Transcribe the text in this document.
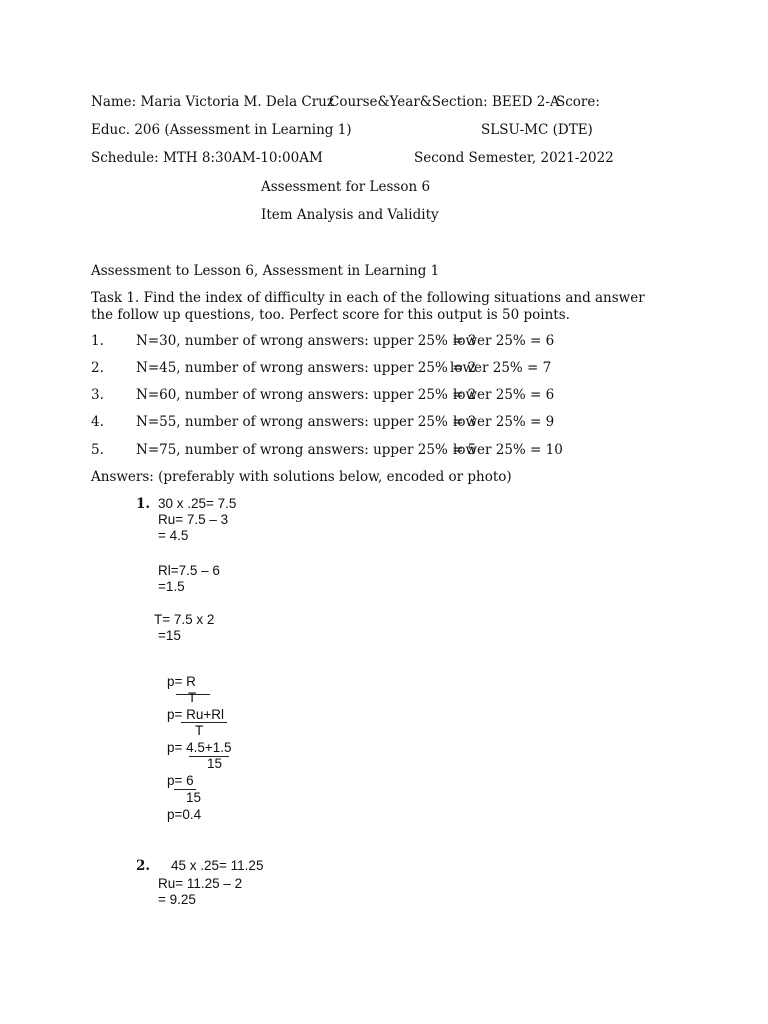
Name: Maria Victoria M. Dela Cruz
Course&Year&Section: BEED 2-A
Score:
Educ. 206 (Assessment in Learning 1)	SLSU-MC (DTE)
Schedule: MTH 8:30AM-10:00AM	Second Semester, 2021-2022
Assessment for Lesson 6
Item Analysis and Validity
Assessment to Lesson 6, Assessment in Learning 1
Task 1. Find the index of difficulty in each of the following situations and answer the follow up questions, too. Perfect score for this output is 50 points.
1. N=30, number of wrong answers: upper 25% = 3
lower 25% = 6
2. N=45, number of wrong answers: upper 25% = 2
lower 25% = 7
3. N=60, number of wrong answers: upper 25% = 2
lower 25% = 6
4. N=55, number of wrong answers: upper 25% = 3
lower 25% = 9
5. N=75, number of wrong answers: upper 25% = 5
lower 25% = 10
Answers: (preferably with solutions below, encoded or photo)
1. 30 x .25= 7.5
Ru= 7.5 – 3
= 4.5
Rl=7.5 – 6
=1.5
T= 7.5 x 2
=15
p= R
T
p= Ru+Rl
T
p= 4.5+1.5
15
p= 6
15
p=0.4
2. 45 x .25= 11.25
Ru= 11.25 – 2
= 9.25
